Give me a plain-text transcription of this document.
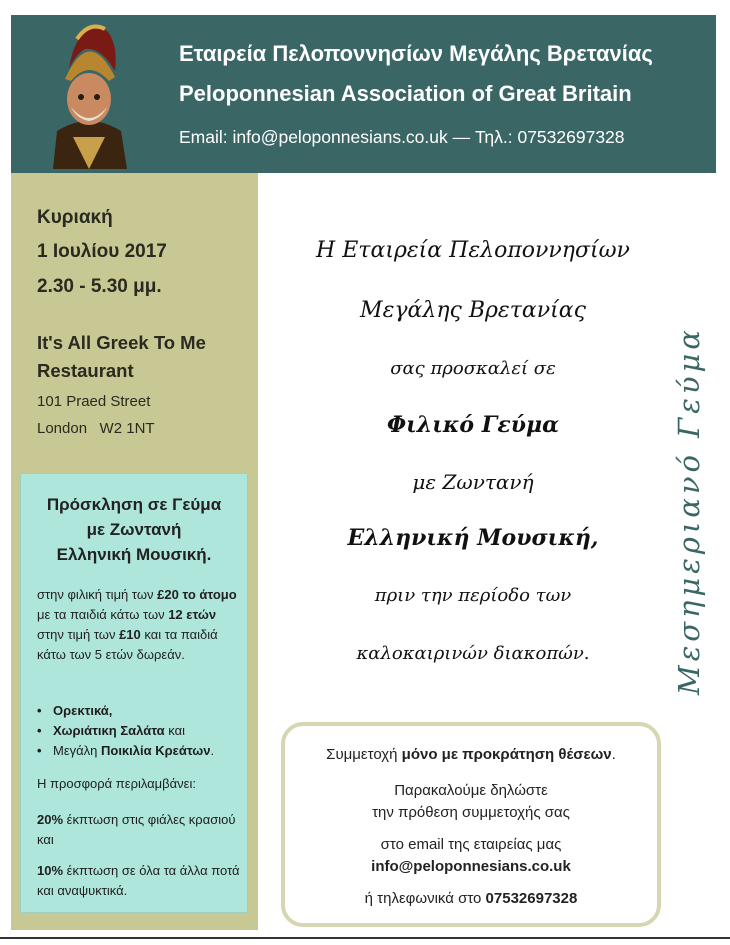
Εταιρεία Πελοποννησίων Μεγάλης Βρετανίας
Peloponnesian Association of Great Britain
Email: info@peloponnesians.co.uk — Τηλ.: 07532697328
Κυριακή
1 Ιουλίου 2017
2.30 - 5.30 μμ.
It's All Greek To Me Restaurant
101 Praed Street
London   W2 1NT
Πρόσκληση σε Γεύμα
με Ζωντανή
Ελληνική Μουσική.
στην φιλική τιμή των £20 το άτομο με τα παιδιά κάτω των 12 ετών στην τιμή των £10 και τα παιδιά κάτω των 5 ετών δωρεάν.
• Ορεκτικά,
• Χωριάτικη Σαλάτα και
• Μεγάλη Ποικιλία Κρεάτων.
Η προσφορά περιλαμβάνει:
20% έκπτωση στις φιάλες κρασιού και
10% έκπτωση σε όλα τα άλλα ποτά και αναψυκτικά.
Η Εταιρεία Πελοποννησίων
Μεγάλης Βρετανίας
σας προσκαλεί σε
Φιλικό Γεύμα
με Ζωντανή
Ελληνική Μουσική,
πριν την περίοδο των
καλοκαιρινών διακοπών.	Μεσημεριανό Γεύμα
Συμμετοχή μόνο με προκράτηση θέσεων.
Παρακαλούμε δηλώστε
την πρόθεση συμμετοχής σας
στο email της εταιρείας μας
info@peloponnesians.co.uk
ή τηλεφωνικά στο 07532697328
